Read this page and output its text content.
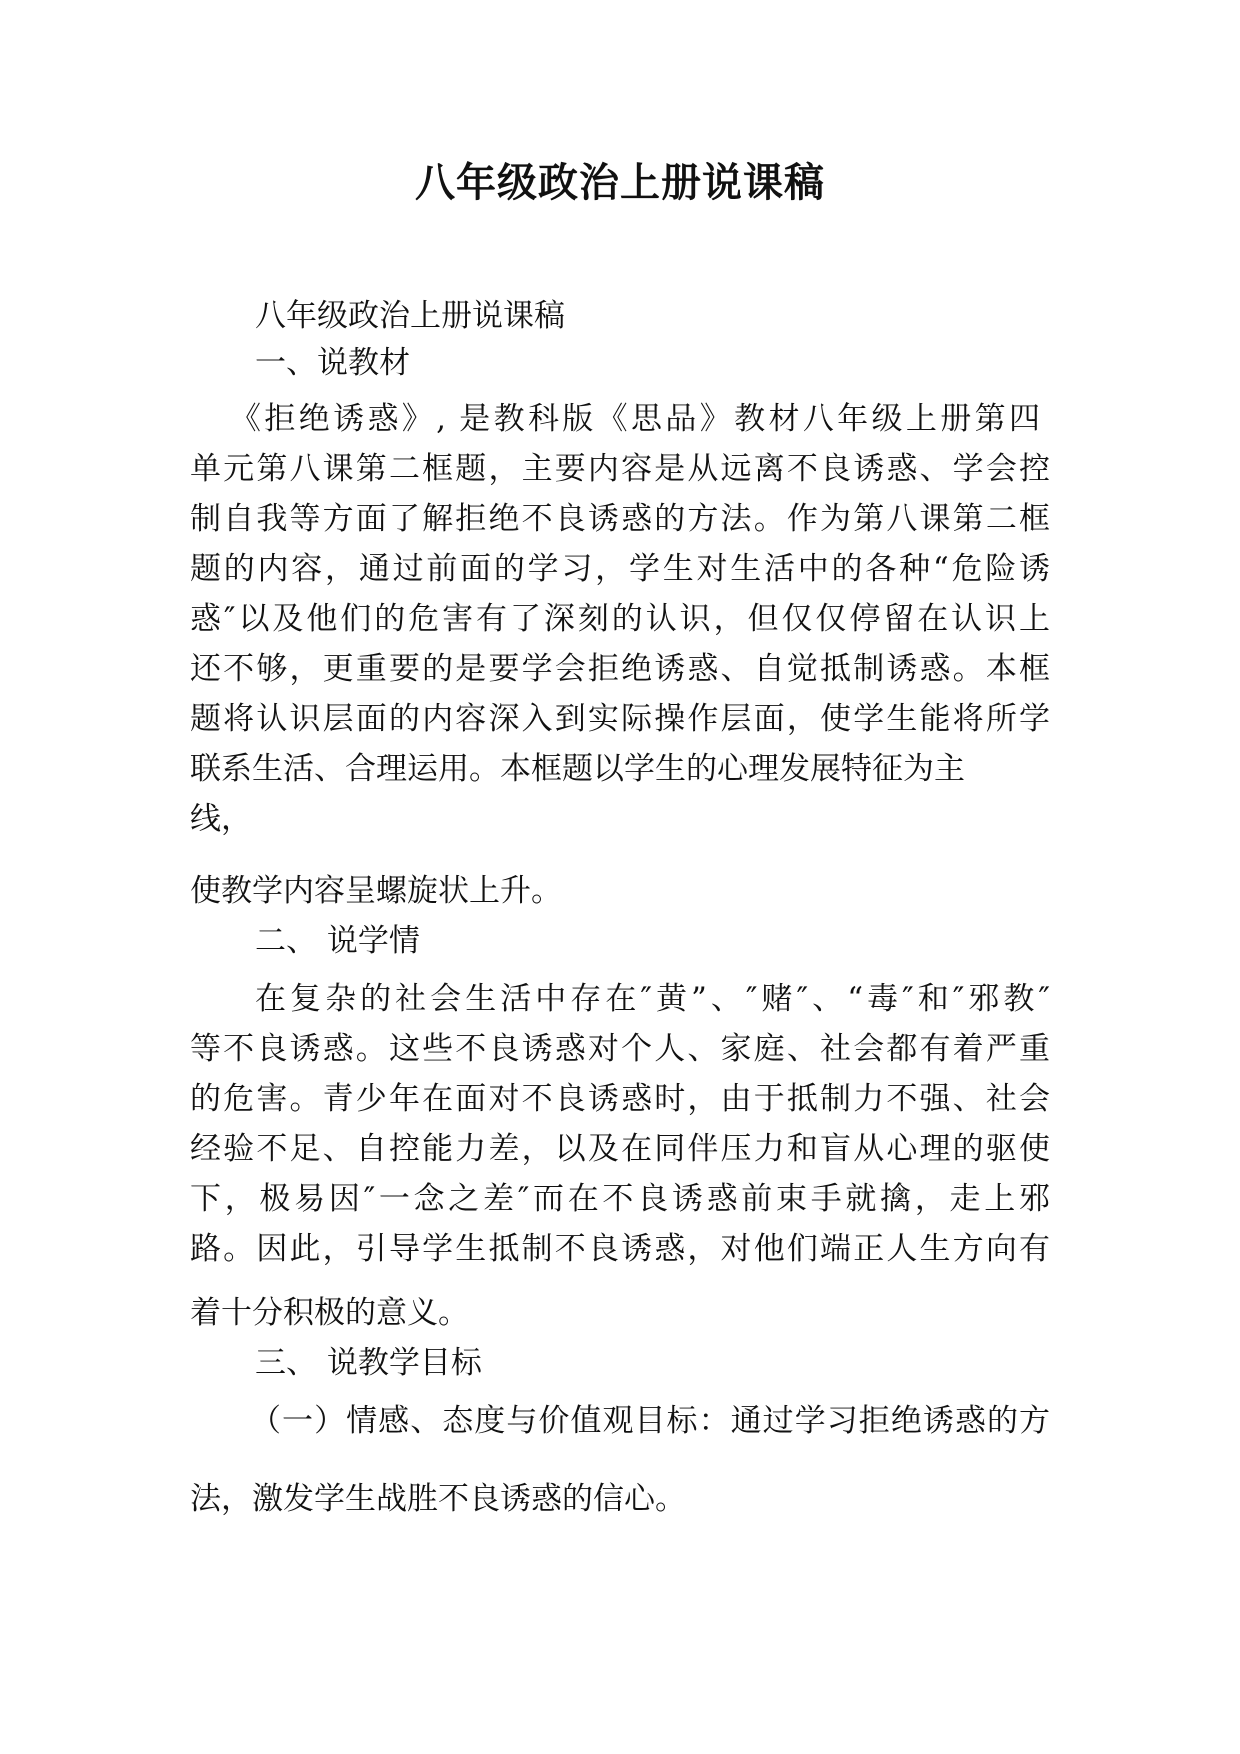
八年级政治上册说课稿
八年级政治上册说课稿
一、说教材
《拒绝诱惑》, 是教科版《思品》教材八年级上册第四
单元第八课第二框题，主要内容是从远离不良诱惑、学会控
制自我等方面了解拒绝不良诱惑的方法。作为第八课第二框
题的内容，通过前面的学习，学生对生活中的各种“危险诱
惑″以及他们的危害有了深刻的认识，但仅仅停留在认识上
还不够，更重要的是要学会拒绝诱惑、自觉抵制诱惑。本框
题将认识层面的内容深入到实际操作层面，使学生能将所学
联系生活、合理运用。本框题以学生的心理发展特征为主
线，
使教学内容呈螺旋状上升。
二、 说学情
在复杂的社会生活中存在″黄”、″赌″、“毒″和″邪教″
等不良诱惑。这些不良诱惑对个人、家庭、社会都有着严重
的危害。青少年在面对不良诱惑时，由于抵制力不强、社会
经验不足、自控能力差，以及在同伴压力和盲从心理的驱使
下，极易因″一念之差″而在不良诱惑前束手就擒，走上邪
路。因此，引导学生抵制不良诱惑，对他们端正人生方向有
着十分积极的意义。
三、 说教学目标
（一）情感、态度与价值观目标：通过学习拒绝诱惑的方
法，激发学生战胜不良诱惑的信心。
